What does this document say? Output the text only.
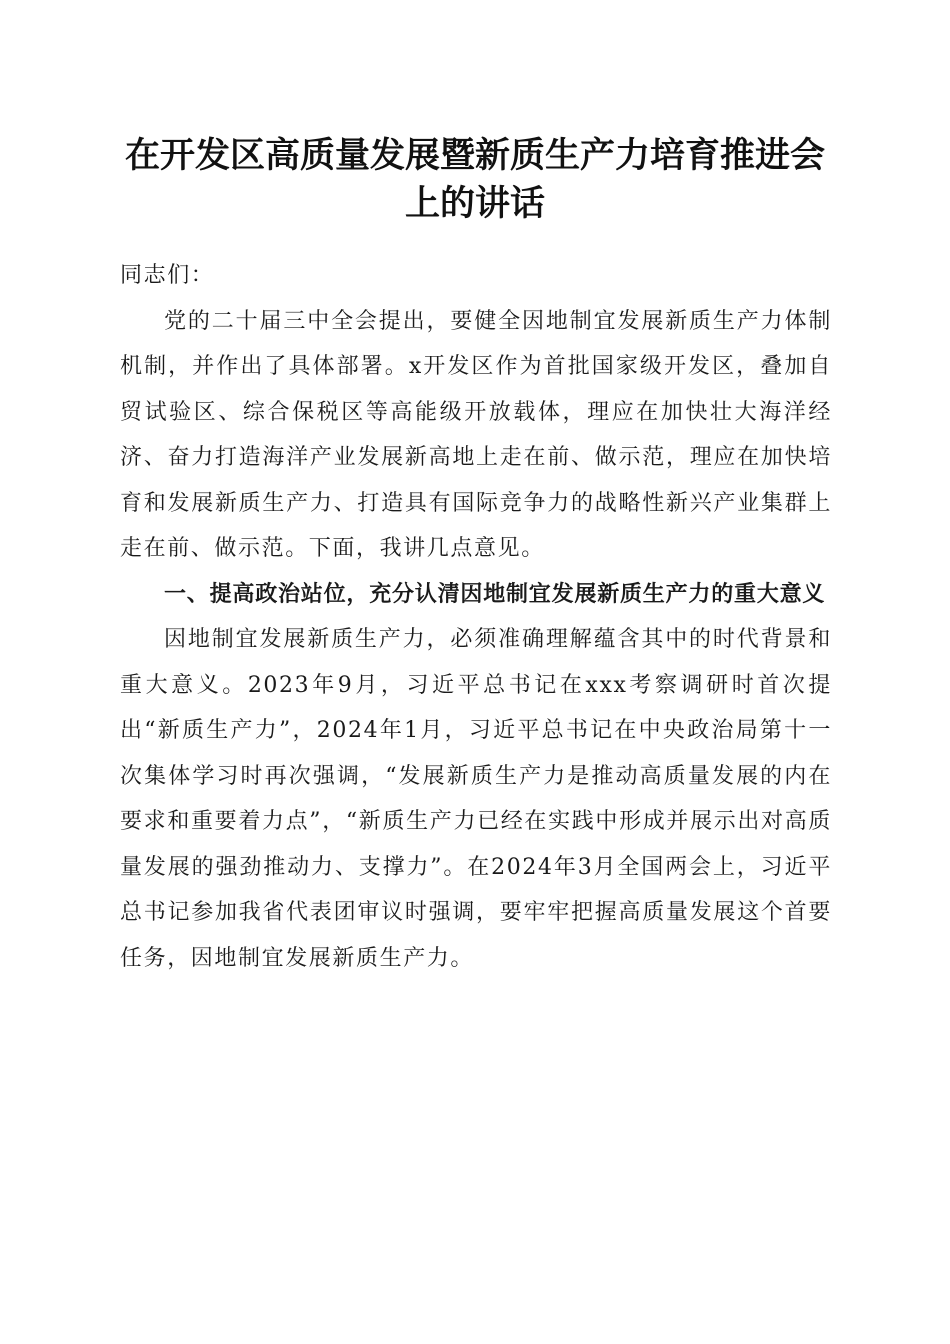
在开发区高质量发展暨新质生产力培育推进会
上的讲话

同志们：

党的二十届三中全会提出，要健全因地制宜发展新质生产力体制机制，并作出了具体部署。x开发区作为首批国家级开发区，叠加自贸试验区、综合保税区等高能级开放载体，理应在加快壮大海洋经济、奋力打造海洋产业发展新高地上走在前、做示范，理应在加快培育和发展新质生产力、打造具有国际竞争力的战略性新兴产业集群上走在前、做示范。下面，我讲几点意见。

一、提高政治站位，充分认清因地制宜发展新质生产力的重大意义

因地制宜发展新质生产力，必须准确理解蕴含其中的时代背景和重大意义。2023年9月，习近平总书记在xxx考察调研时首次提出“新质生产力”，2024年1月，习近平总书记在中央政治局第十一次集体学习时再次强调，“发展新质生产力是推动高质量发展的内在要求和重要着力点”，“新质生产力已经在实践中形成并展示出对高质量发展的强劲推动力、支撑力”。在2024年3月全国两会上，习近平总书记参加我省代表团审议时强调，要牢牢把握高质量发展这个首要任务，因地制宜发展新质生产力。
